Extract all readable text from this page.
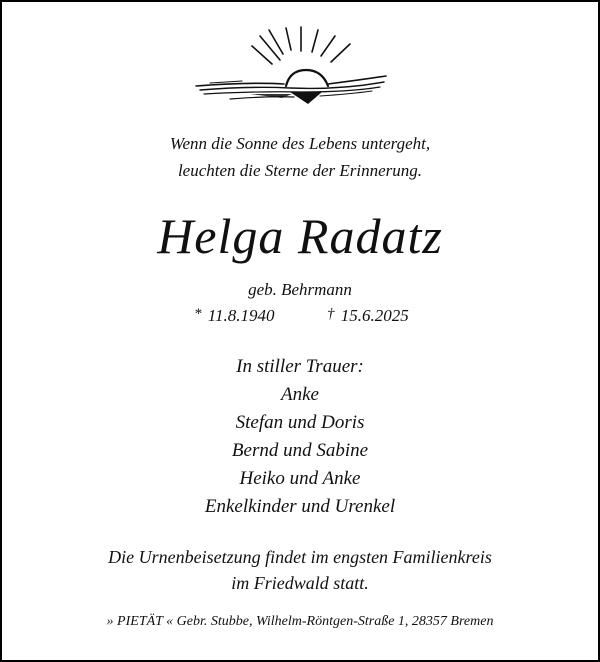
Wenn die Sonne des Lebens untergeht,
leuchten die Sterne der Erinnerung.
Helga Radatz
geb. Behrmann
* 11.8.1940	† 15.6.2025
In stiller Trauer:
Anke
Stefan und Doris
Bernd und Sabine
Heiko und Anke
Enkelkinder und Urenkel
Die Urnenbeisetzung findet im engsten Familienkreis
im Friedwald statt.
» PIETÄT « Gebr. Stubbe, Wilhelm-Röntgen-Straße 1, 28357 Bremen
